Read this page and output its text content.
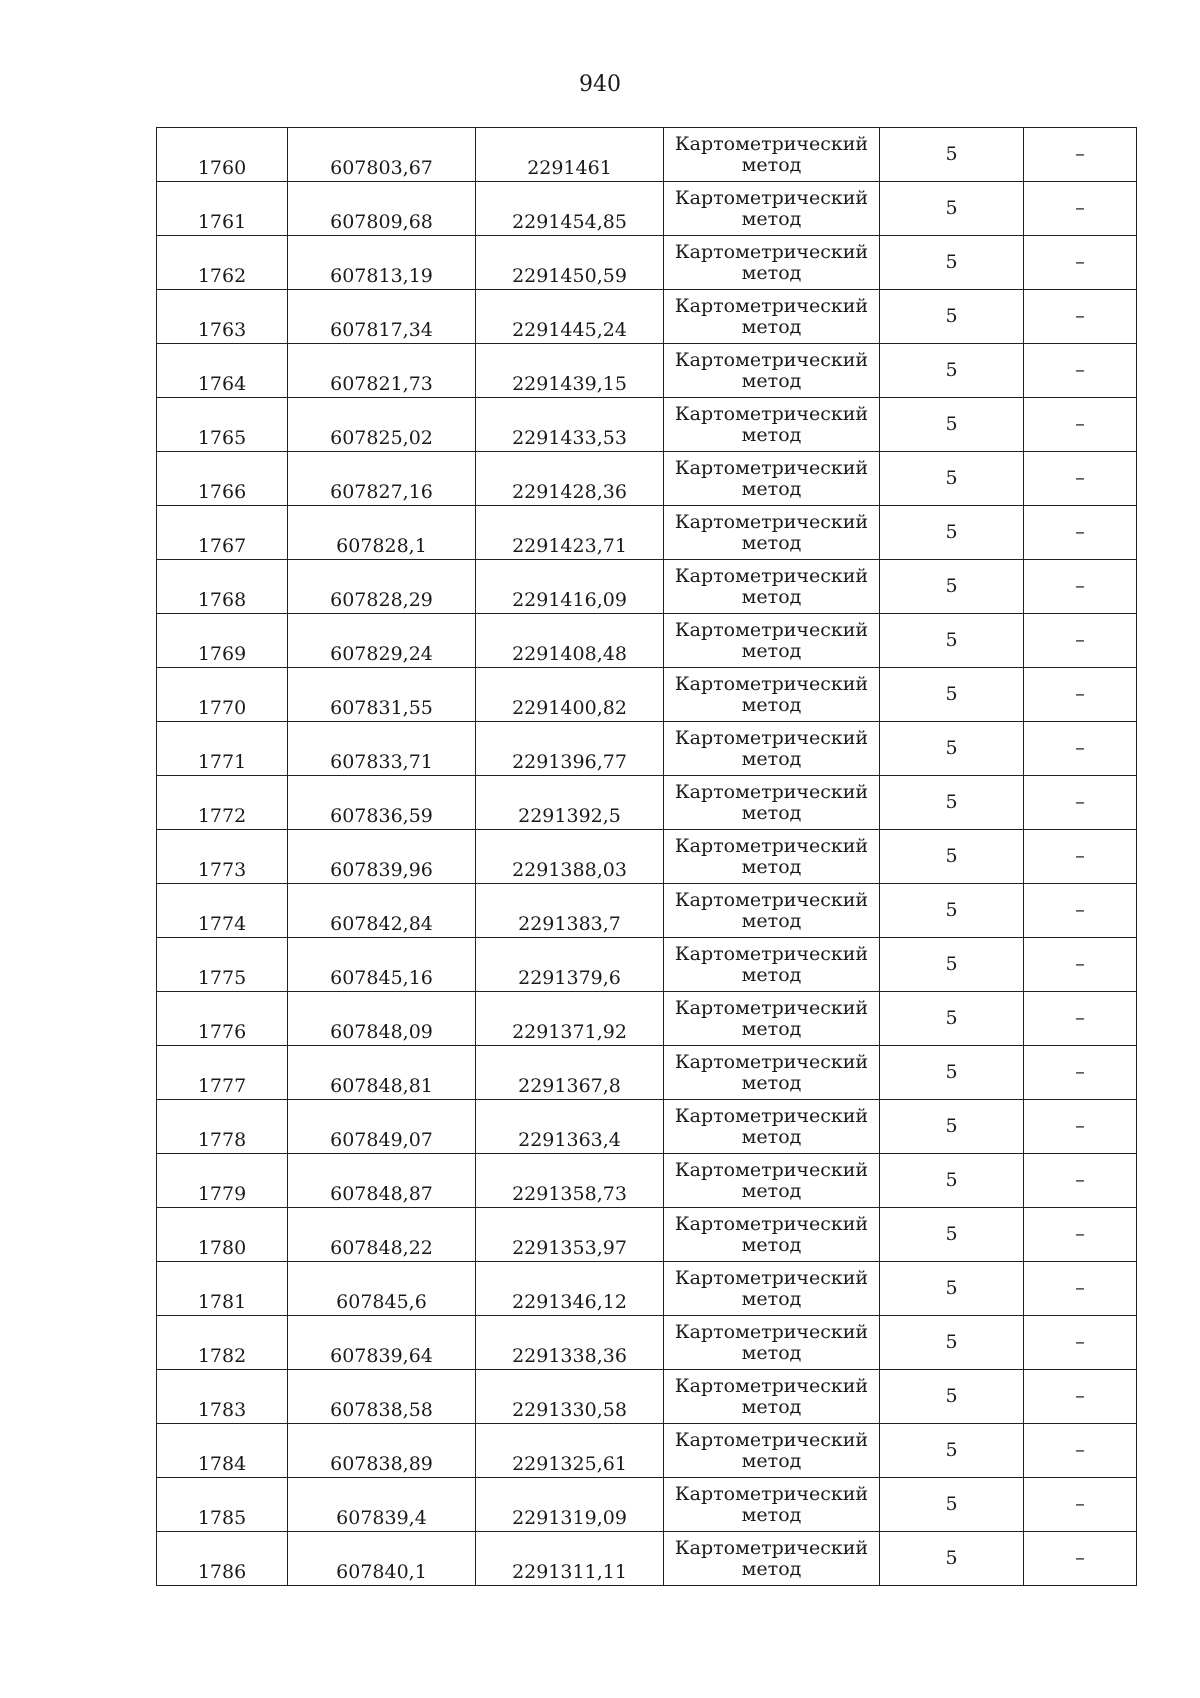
940
1760	607803,67	2291461	Картометрический
метод	5	–
1761	607809,68	2291454,85	Картометрический
метод	5	–
1762	607813,19	2291450,59	Картометрический
метод	5	–
1763	607817,34	2291445,24	Картометрический
метод	5	–
1764	607821,73	2291439,15	Картометрический
метод	5	–
1765	607825,02	2291433,53	Картометрический
метод	5	–
1766	607827,16	2291428,36	Картометрический
метод	5	–
1767	607828,1	2291423,71	Картометрический
метод	5	–
1768	607828,29	2291416,09	Картометрический
метод	5	–
1769	607829,24	2291408,48	Картометрический
метод	5	–
1770	607831,55	2291400,82	Картометрический
метод	5	–
1771	607833,71	2291396,77	Картометрический
метод	5	–
1772	607836,59	2291392,5	Картометрический
метод	5	–
1773	607839,96	2291388,03	Картометрический
метод	5	–
1774	607842,84	2291383,7	Картометрический
метод	5	–
1775	607845,16	2291379,6	Картометрический
метод	5	–
1776	607848,09	2291371,92	Картометрический
метод	5	–
1777	607848,81	2291367,8	Картометрический
метод	5	–
1778	607849,07	2291363,4	Картометрический
метод	5	–
1779	607848,87	2291358,73	Картометрический
метод	5	–
1780	607848,22	2291353,97	Картометрический
метод	5	–
1781	607845,6	2291346,12	Картометрический
метод	5	–
1782	607839,64	2291338,36	Картометрический
метод	5	–
1783	607838,58	2291330,58	Картометрический
метод	5	–
1784	607838,89	2291325,61	Картометрический
метод	5	–
1785	607839,4	2291319,09	Картометрический
метод	5	–
1786	607840,1	2291311,11	Картометрический
метод	5	–
